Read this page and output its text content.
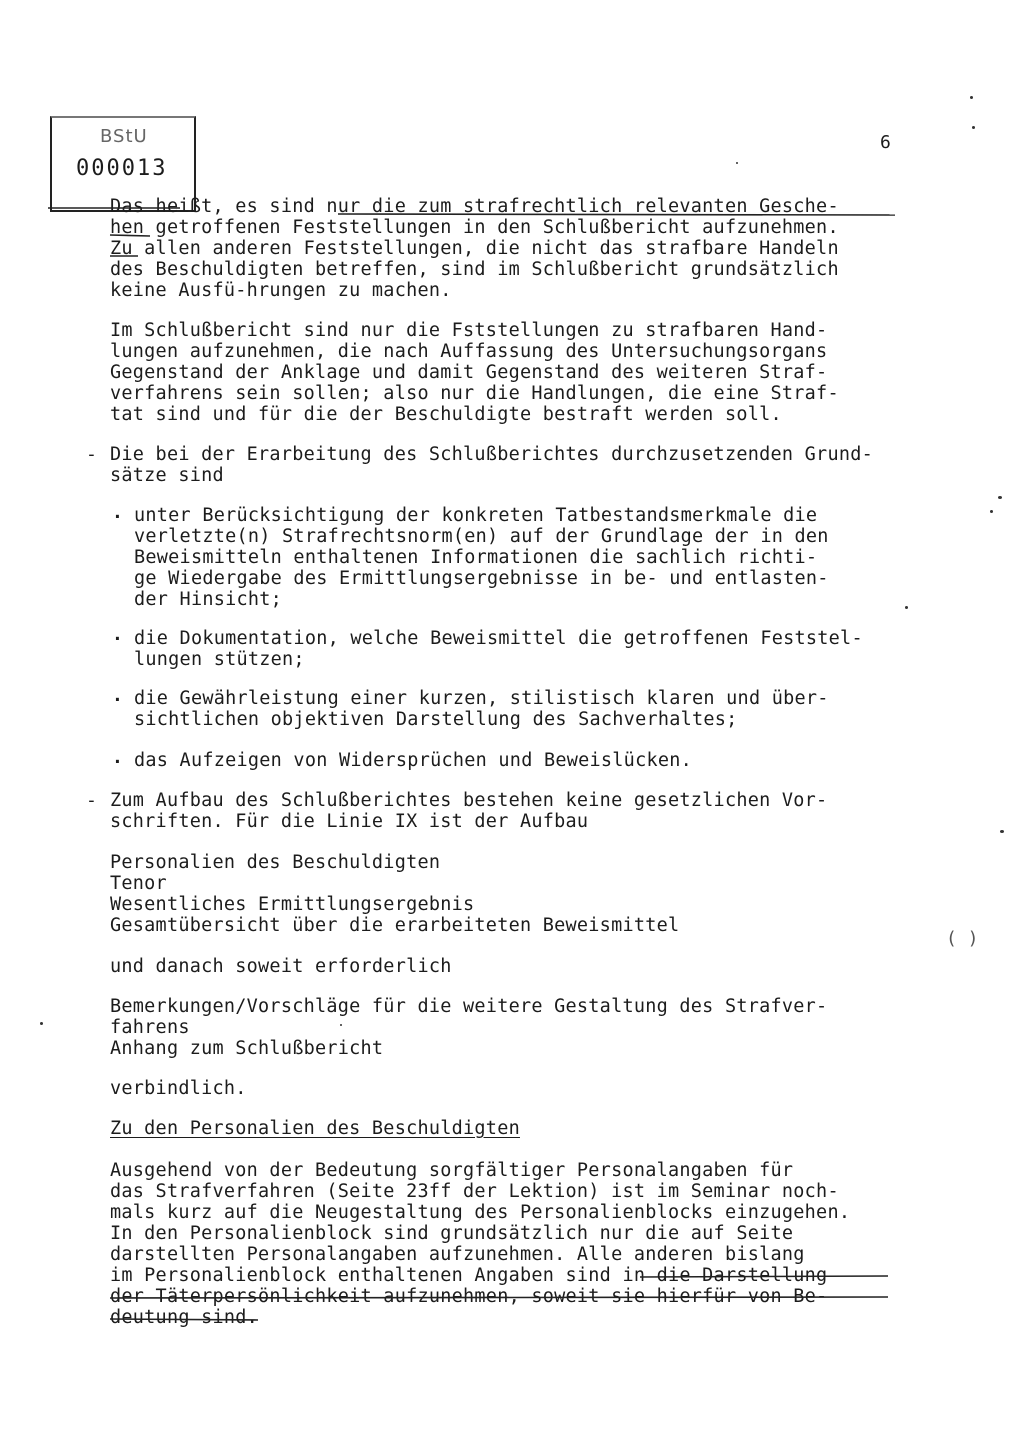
BStU
000013
6
Das heißt, es sind nur die zum strafrechtlich relevanten Gesche-
hen getroffenen Feststellungen in den Schlußbericht aufzunehmen.
Zu allen anderen Feststellungen, die nicht das strafbare Handeln
des Beschuldigten betreffen, sind im Schlußbericht grundsätzlich
keine Ausfü-hrungen zu machen.
Im Schlußbericht sind nur die Fststellungen zu strafbaren Hand-
lungen aufzunehmen, die nach Auffassung des Untersuchungsorgans
Gegenstand der Anklage und damit Gegenstand des weiteren Straf-
verfahrens sein sollen; also nur die Handlungen, die eine Straf-
tat sind und für die der Beschuldigte bestraft werden soll.
- Die bei der Erarbeitung des Schlußberichtes durchzusetzenden Grund-
sätze sind
. unter Berücksichtigung der konkreten Tatbestandsmerkmale die
verletzte(n) Strafrechtsnorm(en) auf der Grundlage der in den
Beweismitteln enthaltenen Informationen die sachlich richti-
ge Wiedergabe des Ermittlungsergebnisse in be- und entlasten-
der Hinsicht;
. die Dokumentation, welche Beweismittel die getroffenen Feststel-
lungen stützen;
. die Gewährleistung einer kurzen, stilistisch klaren und über-
sichtlichen objektiven Darstellung des Sachverhaltes;
. das Aufzeigen von Widersprüchen und Beweislücken.
- Zum Aufbau des Schlußberichtes bestehen keine gesetzlichen Vor-
schriften. Für die Linie IX ist der Aufbau
Personalien des Beschuldigten
Tenor
Wesentliches Ermittlungsergebnis
Gesamtübersicht über die erarbeiteten Beweismittel
und danach soweit erforderlich
Bemerkungen/Vorschläge für die weitere Gestaltung des Strafver-
fahrens
Anhang zum Schlußbericht
verbindlich.
Zu den Personalien des Beschuldigten
Ausgehend von der Bedeutung sorgfältiger Personalangaben für
das Strafverfahren (Seite 23ff der Lektion) ist im Seminar noch-
mals kurz auf die Neugestaltung des Personalienblocks einzugehen.
In den Personalienblock sind grundsätzlich nur die auf Seite
darstellten Personalangaben aufzunehmen. Alle anderen bislang
im Personalienblock enthaltenen Angaben sind in die Darstellung
der Täterpersönlichkeit aufzunehmen, soweit sie hierfür von Be-
deutung sind.
( )
